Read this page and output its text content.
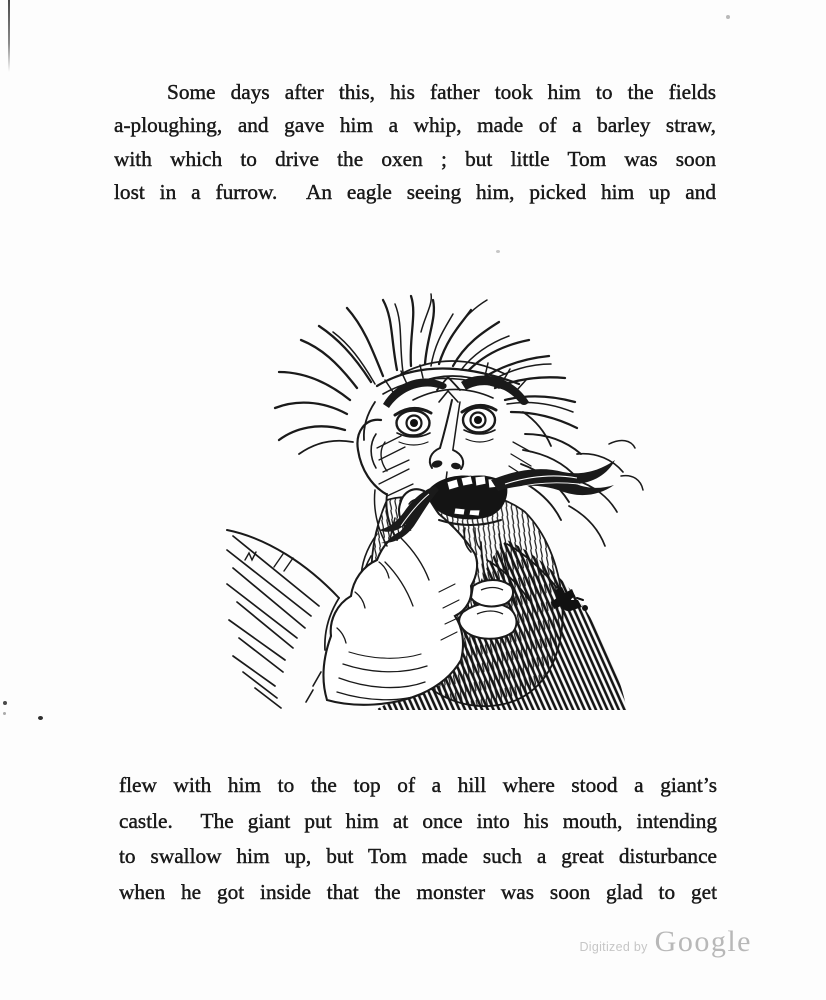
Some days after this, his father took him to the fields
a-ploughing, and gave him a whip, made of a barley straw,
with which to drive the oxen ; but little Tom was soon
lost in a furrow.  An eagle seeing him, picked him up and
flew with him to the top of a hill where stood a giant’s
castle.  The giant put him at once into his mouth, intending
to swallow him up, but Tom made such a great disturbance
when he got inside that the monster was soon glad to get
Digitized by Google
